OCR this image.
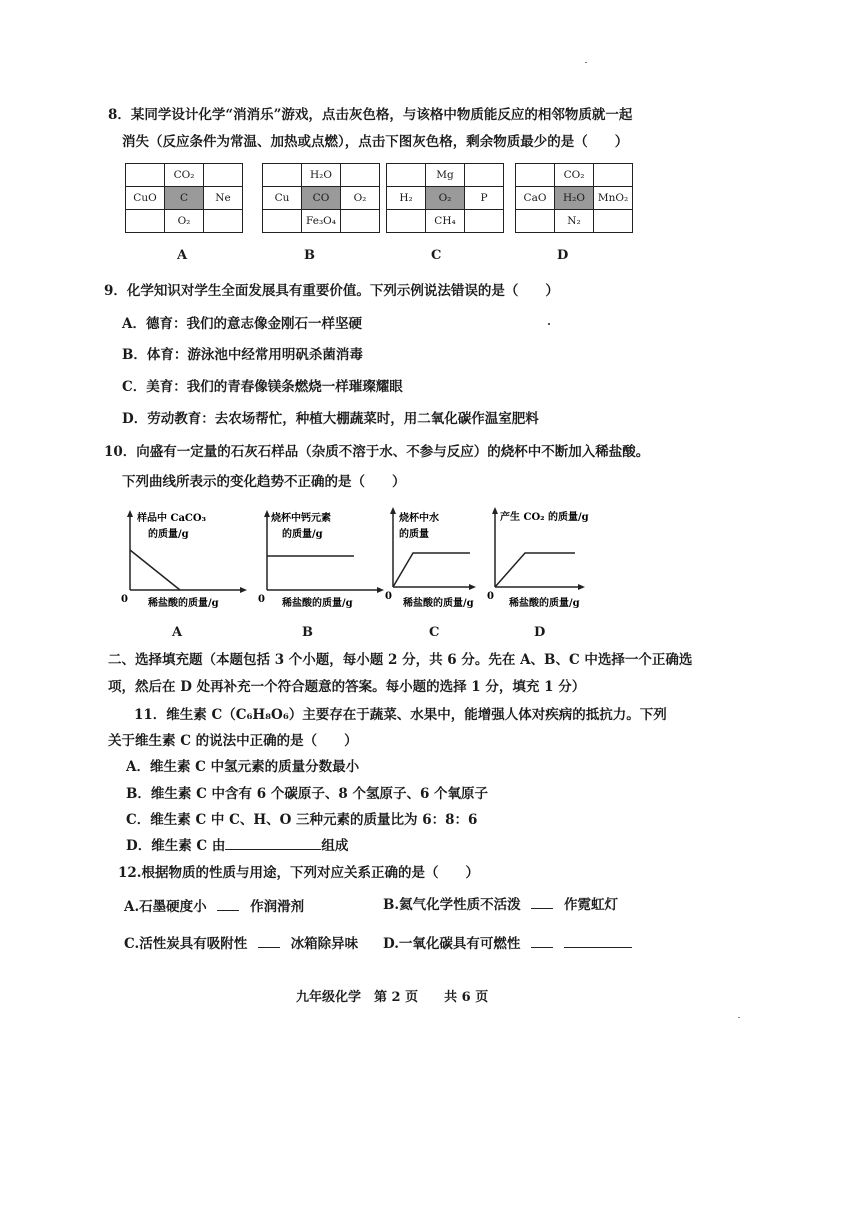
8．某同学设计化学“消消乐”游戏，点击灰色格，与该格中物质能反应的相邻物质就一起
消失（反应条件为常温、加热或点燃），点击下图灰色格，剩余物质最少的是（　　）
	CO₂	
CuO	C	Ne
	O₂	
A
	H₂O	
Cu	CO	O₂
	Fe₃O₄	
B
	Mg	
H₂	O₂	P
	CH₄	
C
	CO₂	
CaO	H₂O	MnO₂
	N₂	
D
9．化学知识对学生全面发展具有重要价值。下列示例说法错误的是（　　）
A．德育：我们的意志像金刚石一样坚硬
B．体育：游泳池中经常用明矾杀菌消毒
C．美育：我们的青春像镁条燃烧一样璀璨耀眼
D．劳动教育：去农场帮忙，种植大棚蔬菜时，用二氧化碳作温室肥料
10．向盛有一定量的石灰石样品（杂质不溶于水、不参与反应）的烧杯中不断加入稀盐酸。
下列曲线所表示的变化趋势不正确的是（　　）
样品中 CaCO₃
的质量/g
0 稀盐酸的质量/g
A
烧杯中钙元素
的质量/g
0 稀盐酸的质量/g
B
烧杯中水
的质量
0
稀盐酸的质量/g
C
产生 CO₂ 的质量/g
0
稀盐酸的质量/g
D
二、选择填充题（本题包括 3 个小题，每小题 2 分，共 6 分。先在 A、B、C 中选择一个正确选
项，然后在 D 处再补充一个符合题意的答案。每小题的选择 1 分，填充 1 分）
11．维生素 C（C₆H₈O₆）主要存在于蔬菜、水果中，能增强人体对疾病的抵抗力。下列
关于维生素 C 的说法中正确的是（　　）
A．维生素 C 中氢元素的质量分数最小
B．维生素 C 中含有 6 个碳原子、8 个氢原子、6 个氧原子
C．维生素 C 中 C、H、O 三种元素的质量比为 6：8：6
D．维生素 C 由	组成
12.根据物质的性质与用途，下列对应关系正确的是（　　）
A.石墨硬度小	作润滑剂	B.氦气化学性质不活泼	作霓虹灯
C.活性炭具有吸附性	冰箱除异味 D.一氧化碳具有可燃性
九年级化学　第 2 页　　共 6 页
